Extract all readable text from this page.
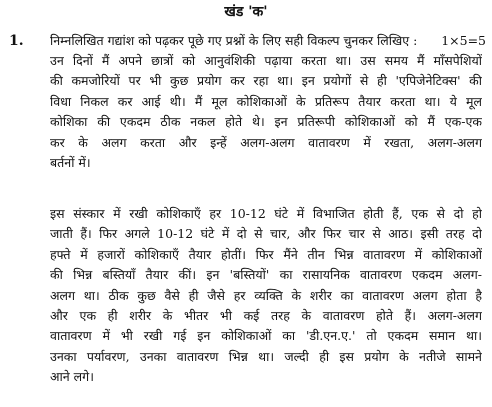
खंड 'क'
1. निम्नलिखित गद्यांश को पढ़कर पूछे गए प्रश्नों के लिए सही विकल्प चुनकर लिखिए : 1×5=5
उन दिनों मैं अपने छात्रों को आनुवंशिकी पढ़ाया करता था। उस समय मैं माँसपेशियों
की कमजोरियों पर भी कुछ प्रयोग कर रहा था। इन प्रयोगों से ही 'एपिजेनेटिक्स' की
विधा निकल कर आई थी। मैं मूल कोशिकाओं के प्रतिरूप तैयार करता था। ये मूल
कोशिका की एकदम ठीक नकल होते थे। इन प्रतिरूपी कोशिकाओं को मैं एक-एक
कर के अलग करता और इन्हें अलग-अलग वातावरण में रखता, अलग-अलग
बर्तनों में।
इस संस्कार में रखी कोशिकाएँ हर 10-12 घंटे में विभाजित होती हैं, एक से दो हो
जाती हैं। फिर अगले 10-12 घंटे में दो से चार, और फिर चार से आठ। इसी तरह दो
हफ्ते में हजारों कोशिकाएँ तैयार होतीं। फिर मैंने तीन भिन्न वातावरण में कोशिकाओं
की भिन्न बस्तियाँ तैयार कीं। इन 'बस्तियों' का रासायनिक वातावरण एकदम अलग-
अलग था। ठीक कुछ वैसे ही जैसे हर व्यक्ति के शरीर का वातावरण अलग होता है
और एक ही शरीर के भीतर भी कई तरह के वातावरण होते हैं। अलग-अलग
वातावरण में भी रखी गई इन कोशिकाओं का 'डी.एन.ए.' तो एकदम समान था।
उनका पर्यावरण, उनका वातावरण भिन्न था। जल्दी ही इस प्रयोग के नतीजे सामने
आने लगे।
